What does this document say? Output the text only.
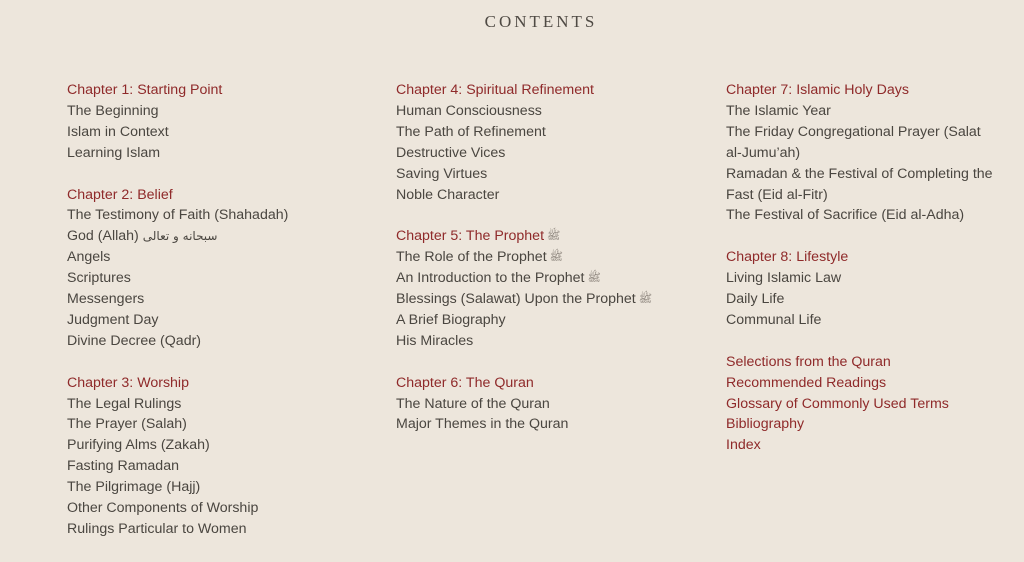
CONTENTS
Chapter 1: Starting Point
The Beginning
Islam in Context
Learning Islam
Chapter 2: Belief
The Testimony of Faith (Shahadah)
God (Allah) سبحانه و تعالى
Angels
Scriptures
Messengers
Judgment Day
Divine Decree (Qadr)
Chapter 3: Worship
The Legal Rulings
The Prayer (Salah)
Purifying Alms (Zakah)
Fasting Ramadan
The Pilgrimage (Hajj)
Other Components of Worship
Rulings Particular to Women
Chapter 4: Spiritual Refinement
Human Consciousness
The Path of Refinement
Destructive Vices
Saving Virtues
Noble Character
Chapter 5: The Prophet ﷺ
The Role of the Prophet ﷺ
An Introduction to the Prophet ﷺ
Blessings (Salawat) Upon the Prophet ﷺ
A Brief Biography
His Miracles
Chapter 6: The Quran
The Nature of the Quran
Major Themes in the Quran
Chapter 7: Islamic Holy Days
The Islamic Year
The Friday Congregational Prayer (Salat al-Jumu’ah)
Ramadan & the Festival of Completing the Fast (Eid al-Fitr)
The Festival of Sacrifice (Eid al-Adha)
Chapter 8: Lifestyle
Living Islamic Law
Daily Life
Communal Life
Selections from the Quran
Recommended Readings
Glossary of Commonly Used Terms
Bibliography
Index
